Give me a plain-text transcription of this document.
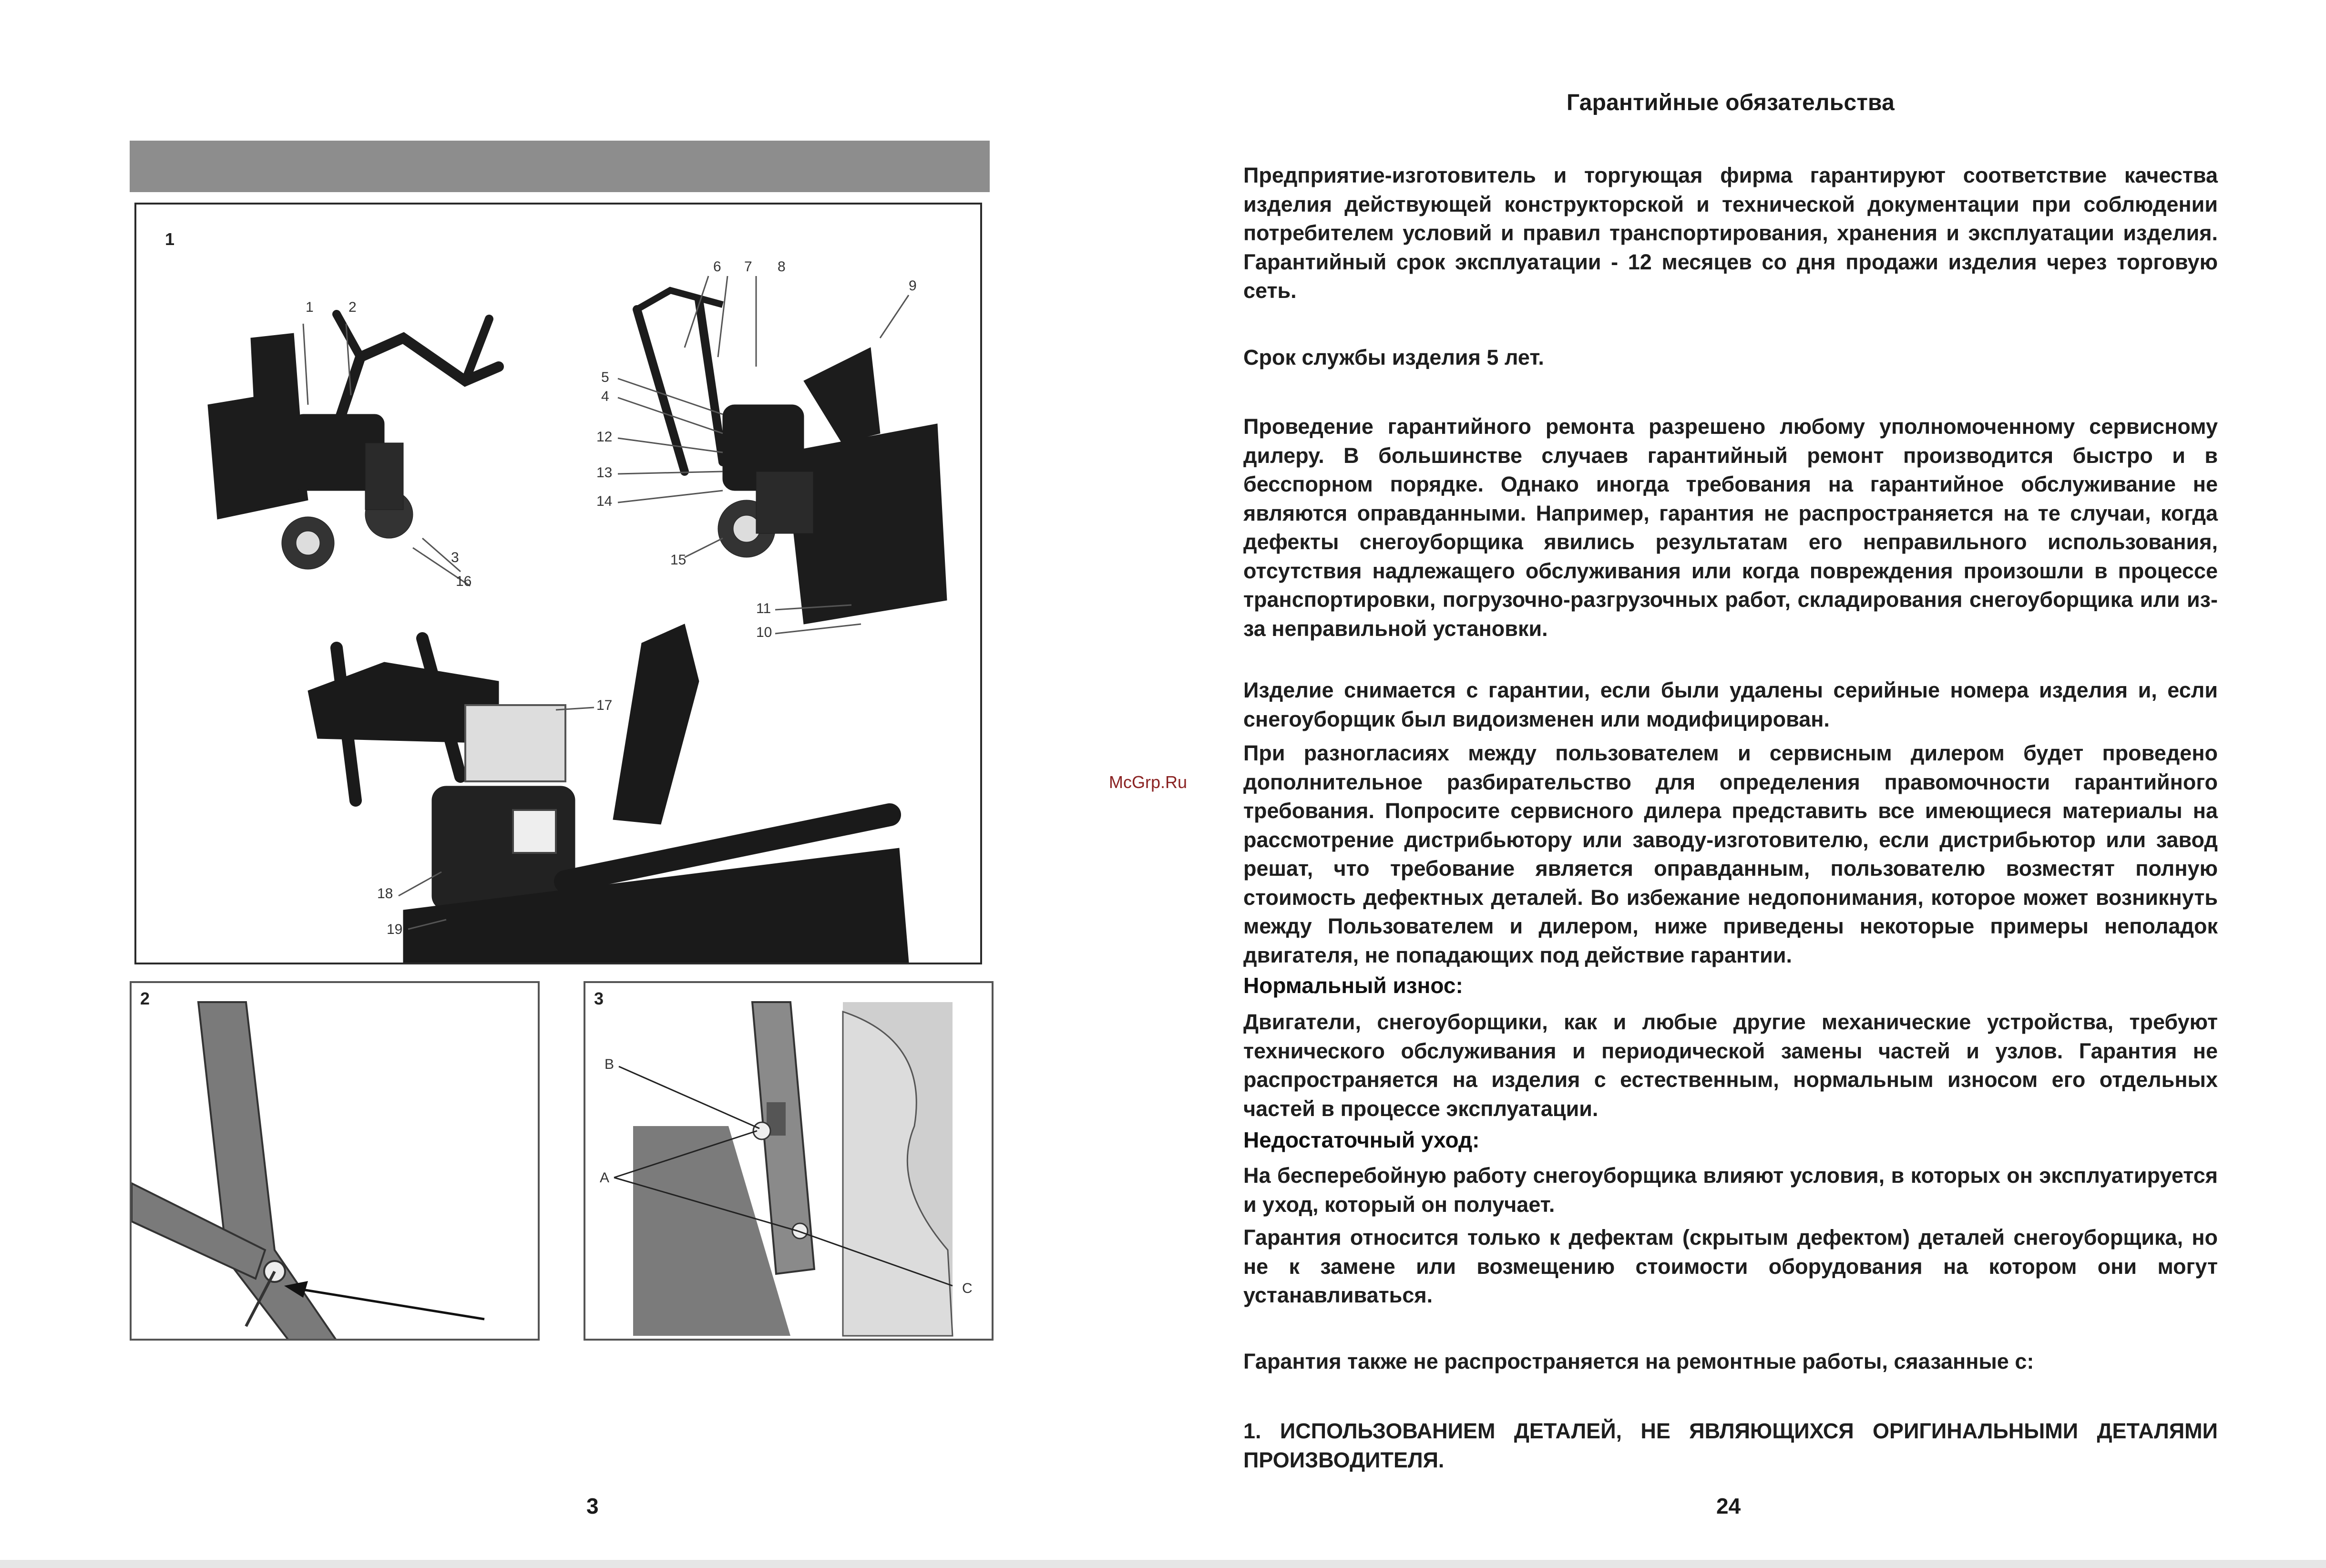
1
1 2
3
16
6 7 8
9
5
4
12
13
14
15
11
10
17
18
19
2	3
B
A
C
3
McGrp.Ru
Гарантийные обязательства
Предприятие-изготовитель и торгующая фирма гарантируют соответствие качества изделия действующей конструкторской и технической документации при соблюдении потребителем условий и правил транспортирования, хранения и эксплуатации изделия. Гарантийный срок эксплуатации - 12 месяцев со дня продажи изделия через торговую сеть.
Срок службы изделия 5 лет.
Проведение гарантийного ремонта разрешено любому уполномоченному сервисному дилеру. В большинстве случаев гарантийный ремонт производится быстро и в бесспорном порядке. Однако иногда требования на гарантийное обслуживание не являются оправданными. Например, гарантия не распространяется на те случаи, когда дефекты снегоуборщика явились результатам его неправильного использования, отсутствия надлежащего обслуживания или когда повреждения произошли в процессе транспортировки, погрузочно-разгрузочных работ, складирования снегоуборщика или из-за неправильной установки.
Изделие снимается с гарантии, если были удалены серийные номера изделия и, если снегоуборщик был видоизменен или модифицирован.
При разногласиях между пользователем и сервисным дилером будет проведено дополнительное разбирательство для определения правомочности гарантийного требования. Попросите сервисного дилера представить все имеющиеся материалы на рассмотрение дистрибьютору или заводу-изготовителю, если дистрибьютор или завод решат, что требование является оправданным, пользователю возместят полную стоимость дефектных деталей. Во избежание недопонимания, которое может возникнуть между Пользователем и дилером, ниже приведены некоторые примеры неполадок двигателя, не попадающих под действие гарантии.
Нормальный износ:
Двигатели, снегоуборщики, как и любые другие механические устройства, требуют технического обслуживания и периодической замены частей и узлов. Гарантия не распространяется на изделия с естественным, нормальным износом его отдельных частей в процессе эксплуатации.
Недостаточный уход:
На бесперебойную работу снегоуборщика влияют условия, в которых он эксплуатируется и уход, который он получает.
Гарантия относится только к дефектам (скрытым дефектом) деталей снегоуборщика, но не к замене или возмещению стоимости оборудования на котором они могут устанавливаться.
Гарантия также не распространяется на ремонтные работы, сяазанные с:
1. ИСПОЛЬЗОВАНИЕМ ДЕТАЛЕЙ, НЕ ЯВЛЯЮЩИХСЯ ОРИГИНАЛЬНЫМИ ДЕТАЛЯМИ ПРОИЗВОДИТЕЛЯ.
24
